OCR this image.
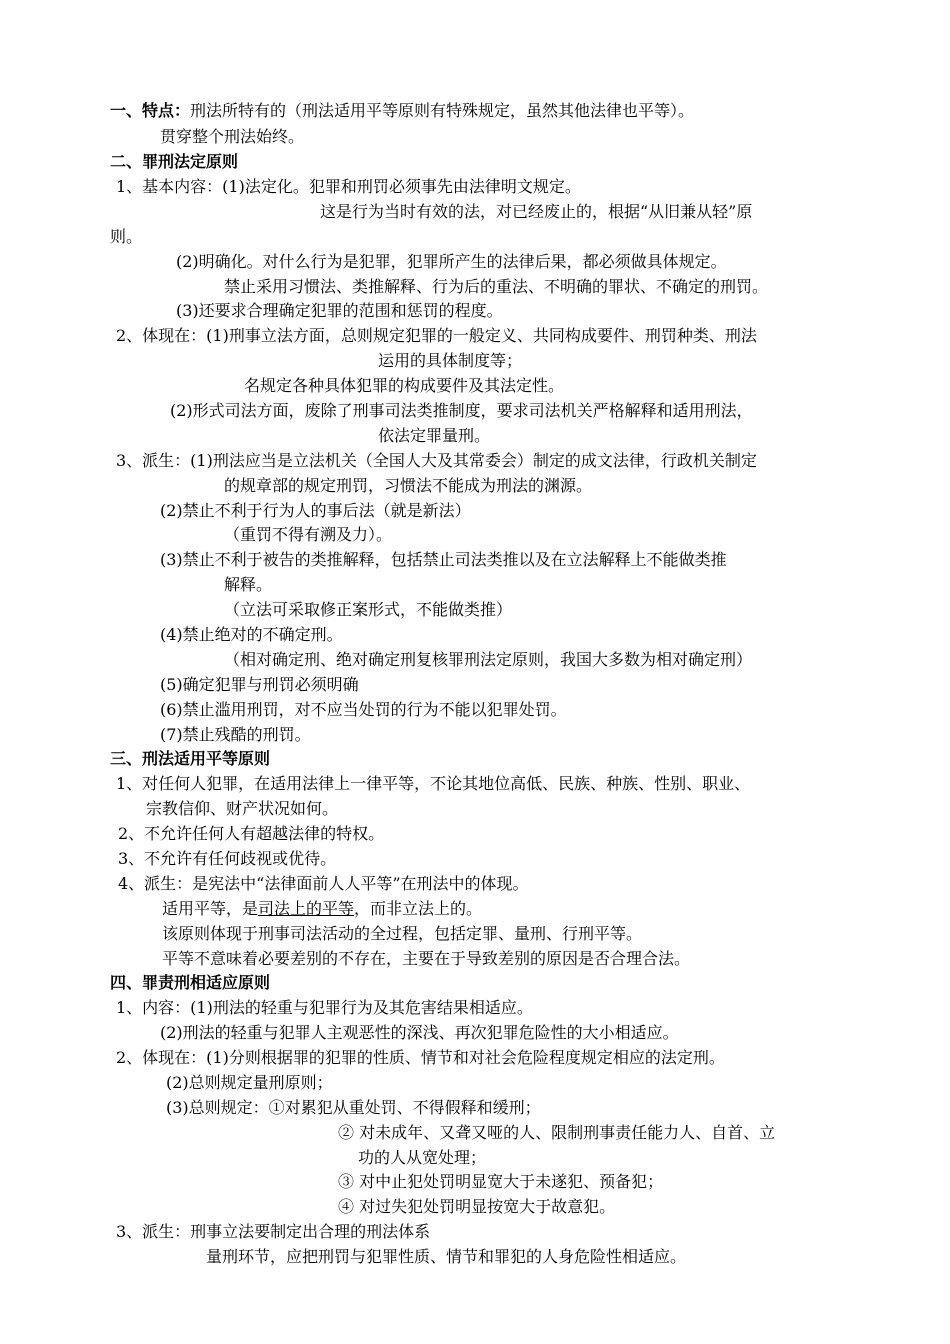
一、特点：刑法所特有的（刑法适用平等原则有特殊规定，虽然其他法律也平等）。
贯穿整个刑法始终。
二、罪刑法定原则
1、基本内容：(1)法定化。犯罪和刑罚必须事先由法律明文规定。
这是行为当时有效的法，对已经废止的，根据“从旧兼从轻”原
则。
(2)明确化。对什么行为是犯罪，犯罪所产生的法律后果，都必须做具体规定。
禁止采用习惯法、类推解释、行为后的重法、不明确的罪状、不确定的刑罚。
(3)还要求合理确定犯罪的范围和惩罚的程度。
2、体现在：(1)刑事立法方面，总则规定犯罪的一般定义、共同构成要件、刑罚种类、刑法
运用的具体制度等；
名规定各种具体犯罪的构成要件及其法定性。
(2)形式司法方面，废除了刑事司法类推制度，要求司法机关严格解释和适用刑法，
依法定罪量刑。
3、派生：(1)刑法应当是立法机关（全国人大及其常委会）制定的成文法律，行政机关制定
的规章部的规定刑罚，习惯法不能成为刑法的渊源。
(2)禁止不利于行为人的事后法（就是新法）
（重罚不得有溯及力）。
(3)禁止不利于被告的类推解释，包括禁止司法类推以及在立法解释上不能做类推
解释。
（立法可采取修正案形式，不能做类推）
(4)禁止绝对的不确定刑。
（相对确定刑、绝对确定刑复核罪刑法定原则，我国大多数为相对确定刑）
(5)确定犯罪与刑罚必须明确
(6)禁止滥用刑罚，对不应当处罚的行为不能以犯罪处罚。
(7)禁止残酷的刑罚。
三、刑法适用平等原则
1、对任何人犯罪，在适用法律上一律平等，不论其地位高低、民族、种族、性别、职业、
宗教信仰、财产状况如何。
2、不允许任何人有超越法律的特权。
3、不允许有任何歧视或优待。
4、派生：是宪法中“法律面前人人平等”在刑法中的体现。
适用平等，是司法上的平等，而非立法上的。
该原则体现于刑事司法活动的全过程，包括定罪、量刑、行刑平等。
平等不意味着必要差别的不存在，主要在于导致差别的原因是否合理合法。
四、罪责刑相适应原则
1、内容：(1)刑法的轻重与犯罪行为及其危害结果相适应。
(2)刑法的轻重与犯罪人主观恶性的深浅、再次犯罪危险性的大小相适应。
2、体现在：(1)分则根据罪的犯罪的性质、情节和对社会危险程度规定相应的法定刑。
(2)总则规定量刑原则；
(3)总则规定：①对累犯从重处罚、不得假释和缓刑；
② 对未成年、又聋又哑的人、限制刑事责任能力人、自首、立
功的人从宽处理；
③ 对中止犯处罚明显宽大于未遂犯、预备犯；
④ 对过失犯处罚明显按宽大于故意犯。
3、派生：刑事立法要制定出合理的刑法体系
量刑环节，应把刑罚与犯罪性质、情节和罪犯的人身危险性相适应。
